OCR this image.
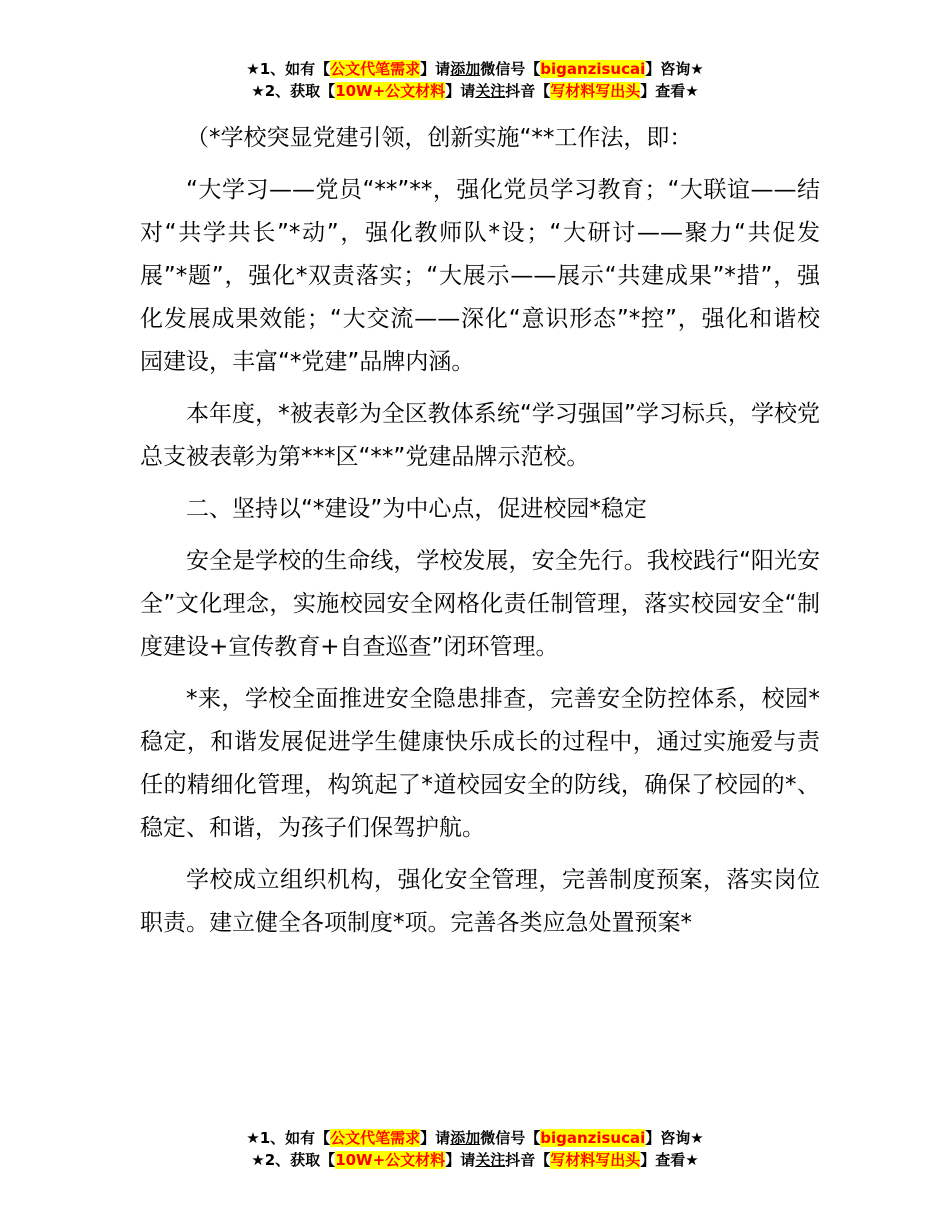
★1、如有【公文代笔需求】请添加微信号【biganzisucai】咨询★
★2、获取【10W+公文材料】请关注抖音【写材料写出头】查看★

（*学校突显党建引领，创新实施“**工作法，即：

“大学习——党员“**”**，强化党员学习教育；“大联谊——结对“共学共长”*动”，强化教师队*设；“大研讨——聚力“共促发展”*题”，强化*双责落实；“大展示——展示“共建成果”*措”，强化发展成果效能；“大交流——深化“意识形态”*控”，强化和谐校园建设，丰富“*党建”品牌内涵。

本年度，*被表彰为全区教体系统“学习强国”学习标兵，学校党总支被表彰为第***区“**”党建品牌示范校。

二、坚持以“*建设”为中心点，促进校园*稳定

安全是学校的生命线，学校发展，安全先行。我校践行“阳光安全”文化理念，实施校园安全网格化责任制管理，落实校园安全“制度建设+宣传教育+自查巡查”闭环管理。

*来，学校全面推进安全隐患排查，完善安全防控体系，校园*稳定，和谐发展促进学生健康快乐成长的过程中，通过实施爱与责任的精细化管理，构筑起了*道校园安全的防线，确保了校园的*、稳定、和谐，为孩子们保驾护航。

学校成立组织机构，强化安全管理，完善制度预案，落实岗位职责。建立健全各项制度*项。完善各类应急处置预案*

★1、如有【公文代笔需求】请添加微信号【biganzisucai】咨询★
★2、获取【10W+公文材料】请关注抖音【写材料写出头】查看★
